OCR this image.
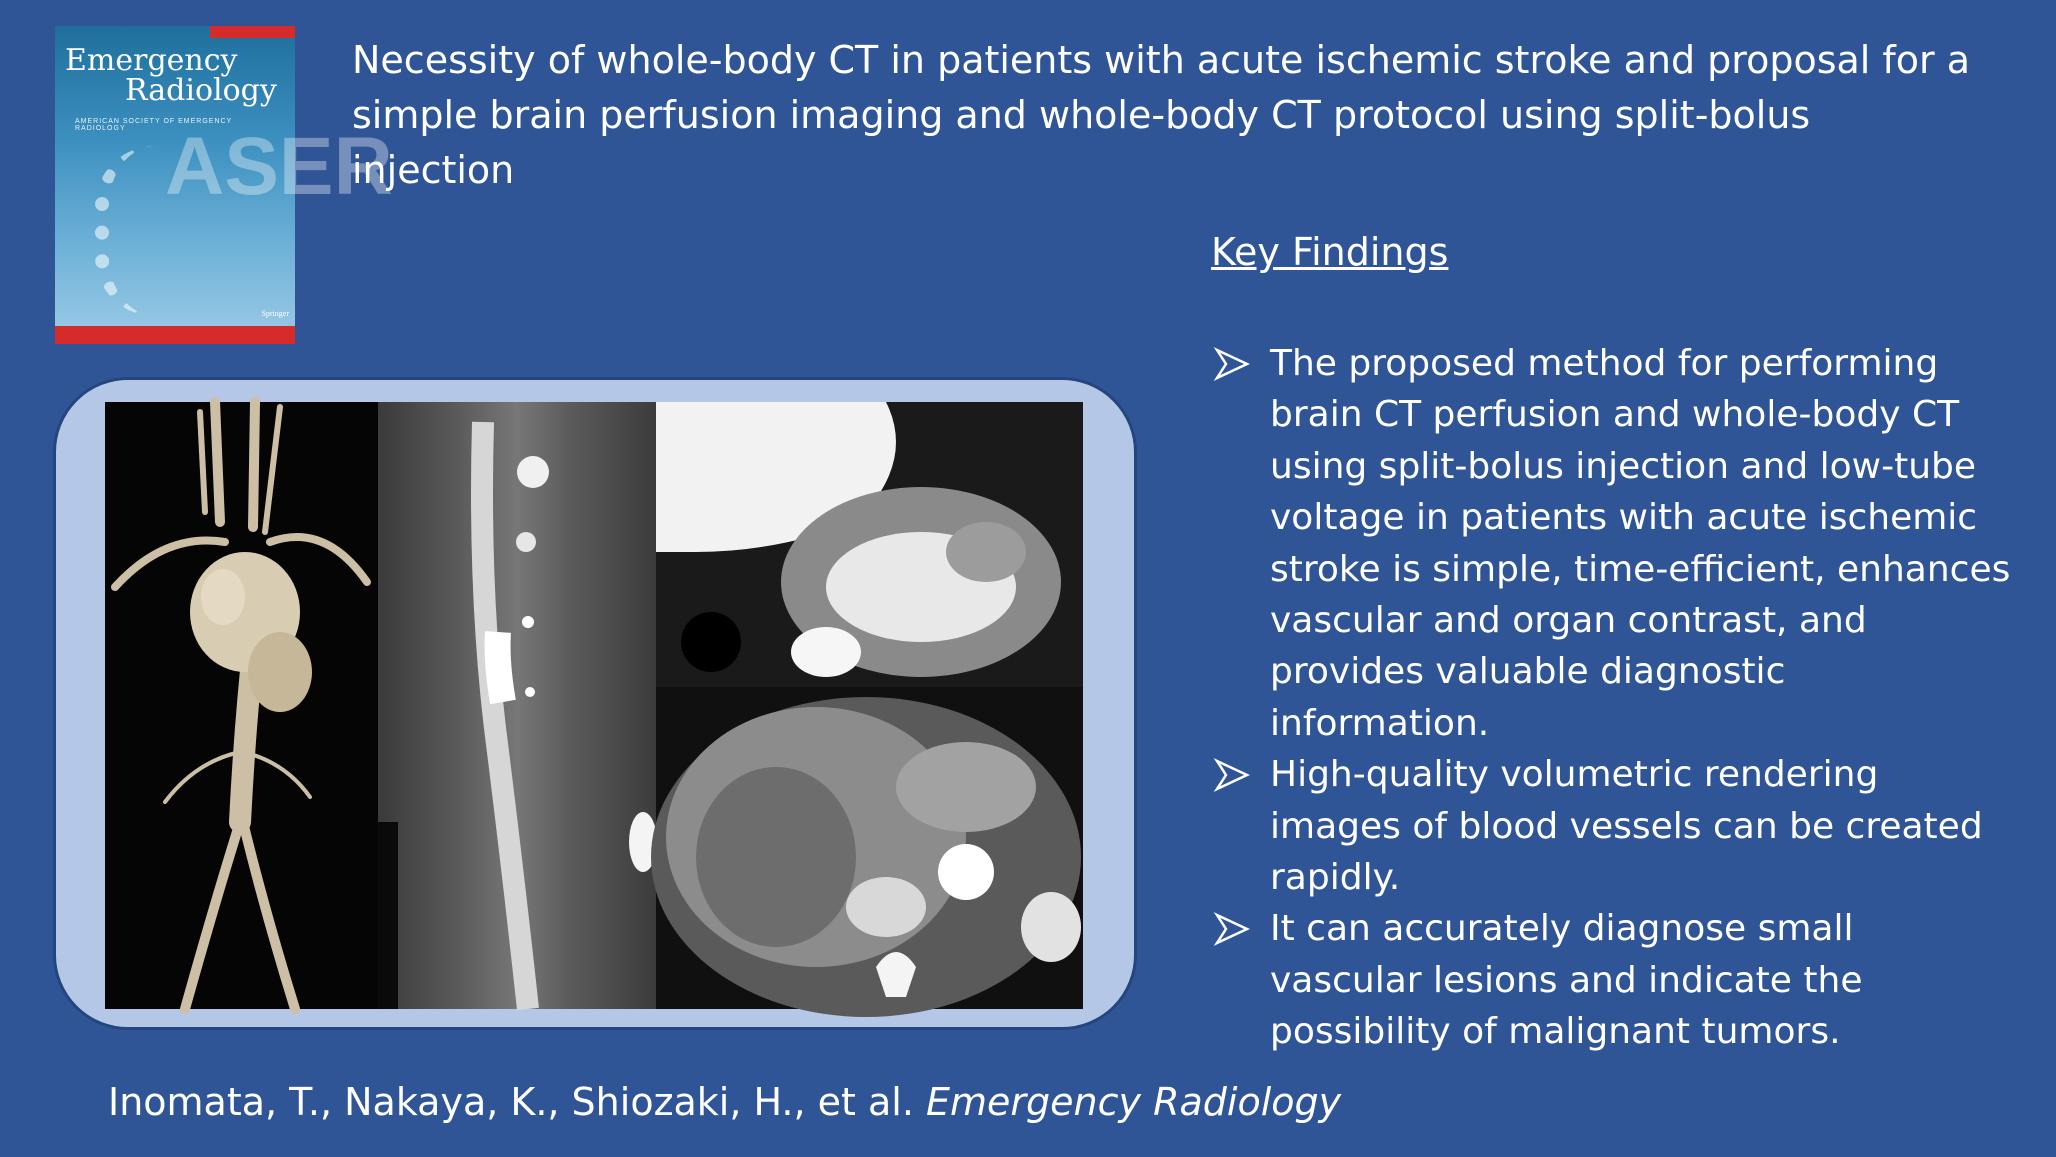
ASER
Emergency
Radiology
AMERICAN SOCIETY OF EMERGENCY RADIOLOGY
Springer
Necessity of whole-body CT in patients with acute ischemic stroke and proposal for a simple brain perfusion imaging and whole-body CT protocol using split-bolus injection
Key Findings
The proposed method for performing brain CT perfusion and whole-body CT using split-bolus injection and low-tube voltage in patients with acute ischemic stroke is simple, time-efficient, enhances vascular and organ contrast, and provides valuable diagnostic information.
High-quality volumetric rendering images of blood vessels can be created rapidly.
It can accurately diagnose small vascular lesions and indicate the possibility of malignant tumors.
Inomata, T., Nakaya, K., Shiozaki, H., et al. Emergency Radiology
